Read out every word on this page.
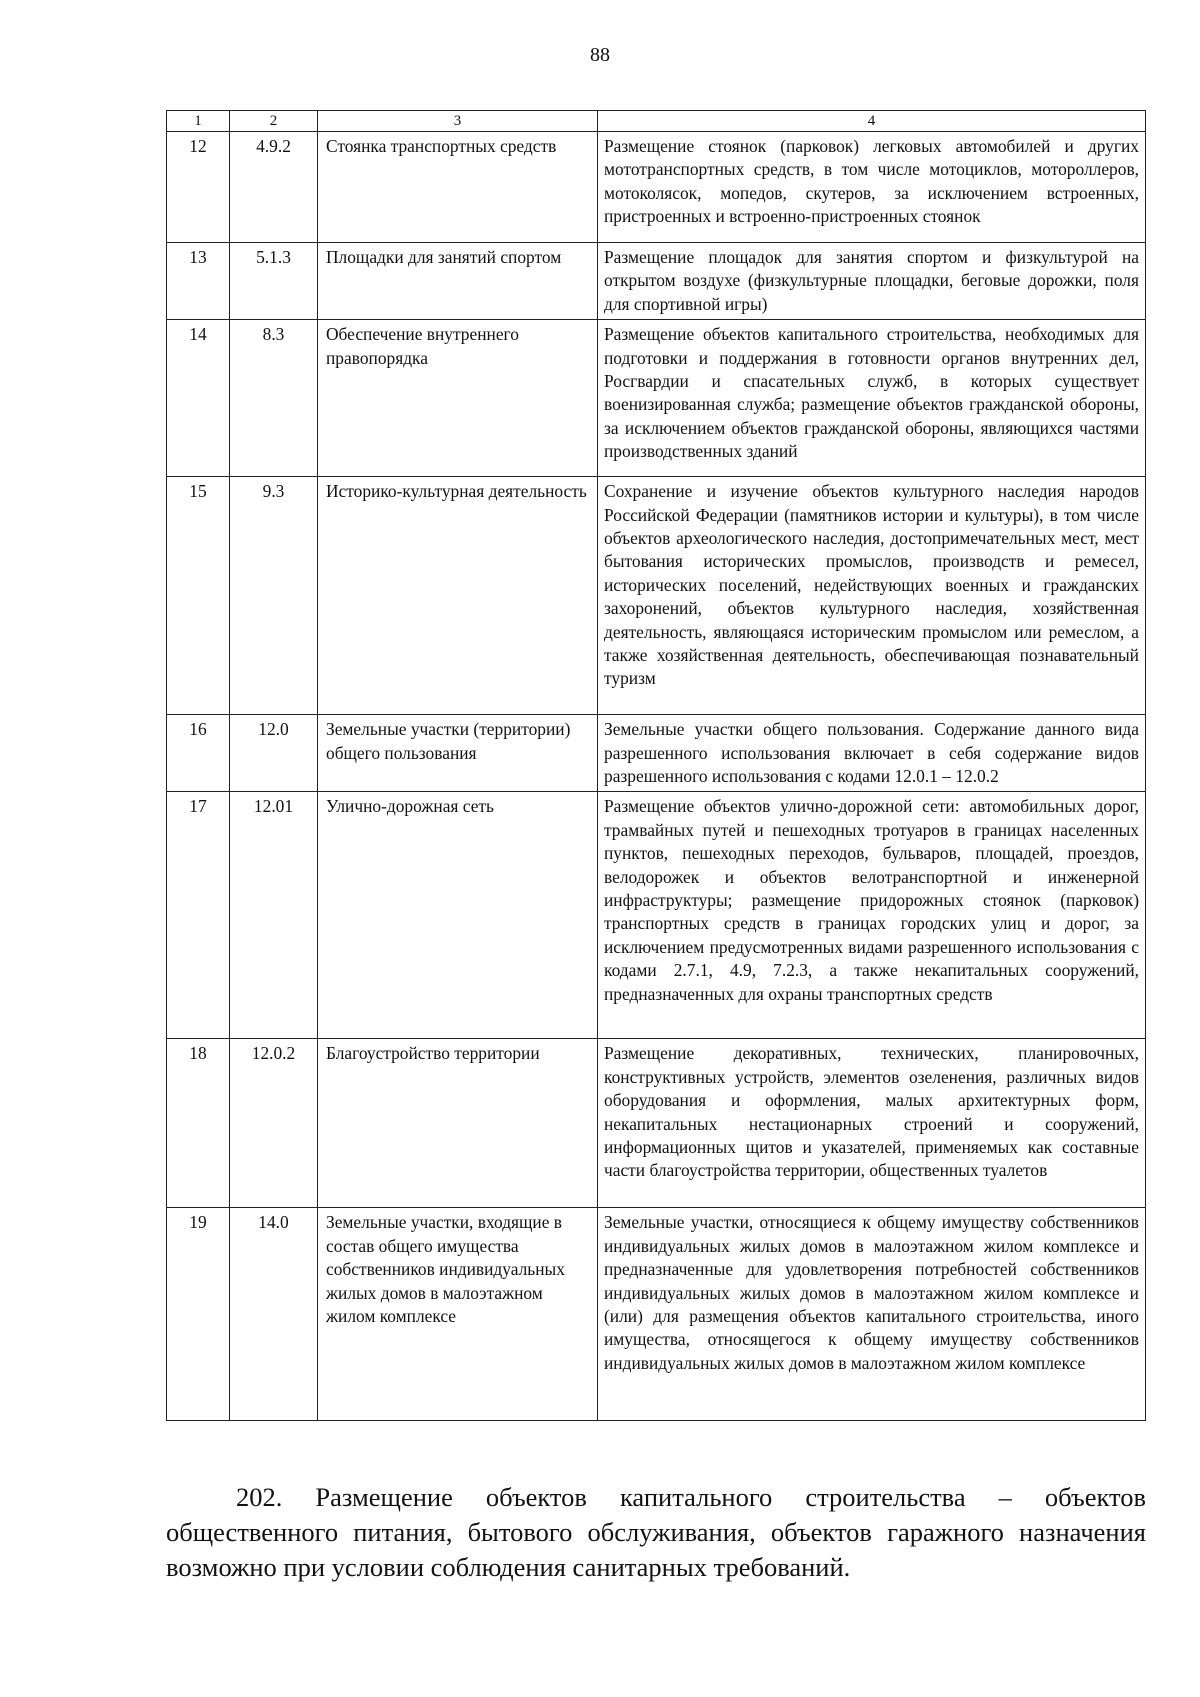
88
1	2	3	4
12	4.9.2	Стоянка транспортных средств	Размещение стоянок (парковок) легковых автомобилей и других мототранспортных средств, в том числе мотоциклов, мотороллеров, мотоколясок, мопедов, скутеров, за исключением встроенных, пристроенных и встроенно-пристроенных стоянок
13	5.1.3	Площадки для занятий спортом	Размещение площадок для занятия спортом и физкультурой на открытом воздухе (физкультурные площадки, беговые дорожки, поля для спортивной игры)
14	8.3	Обеспечение внутреннего правопорядка	Размещение объектов капитального строительства, необходимых для подготовки и поддержания в готовности органов внутренних дел, Росгвардии и спасательных служб, в которых существует военизированная служба; размещение объектов гражданской обороны, за исключением объектов гражданской обороны, являющихся частями производственных зданий
15	9.3	Историко-культурная деятельность	Сохранение и изучение объектов культурного наследия народов Российской Федерации (памятников истории и культуры), в том числе объектов археологического наследия, достопримечательных мест, мест бытования исторических промыслов, производств и ремесел, исторических поселений, недействующих военных и гражданских захоронений, объектов культурного наследия, хозяйственная деятельность, являющаяся историческим промыслом или ремеслом, а также хозяйственная деятельность, обеспечивающая познавательный туризм
16	12.0	Земельные участки (территории) общего пользования	Земельные участки общего пользования. Содержание данного вида разрешенного использования включает в себя содержание видов разрешенного использования с кодами 12.0.1 – 12.0.2
17	12.01	Улично-дорожная сеть	Размещение объектов улично-дорожной сети: автомобильных дорог, трамвайных путей и пешеходных тротуаров в границах населенных пунктов, пешеходных переходов, бульваров, площадей, проездов, велодорожек и объектов велотранспортной и инженерной инфраструктуры; размещение придорожных стоянок (парковок) транспортных средств в границах городских улиц и дорог, за исключением предусмотренных видами разрешенного использования с кодами 2.7.1, 4.9, 7.2.3, а также некапитальных сооружений, предназначенных для охраны транспортных средств
18	12.0.2	Благоустройство территории	Размещение декоративных, технических, планировочных, конструктивных устройств, элементов озеленения, различных видов оборудования и оформления, малых архитектурных форм, некапитальных нестационарных строений и сооружений, информационных щитов и указателей, применяемых как составные части благоустройства территории, общественных туалетов
19	14.0	Земельные участки, входящие в состав общего имущества собственников индивидуальных жилых домов в малоэтажном жилом комплексе	Земельные участки, относящиеся к общему имуществу собственников индивидуальных жилых домов в малоэтажном жилом комплексе и предназначенные для удовлетворения потребностей собственников индивидуальных жилых домов в малоэтажном жилом комплексе и (или) для размещения объектов капитального строительства, иного имущества, относящегося к общему имуществу собственников индивидуальных жилых домов в малоэтажном жилом комплексе

202. Размещение объектов капитального строительства – объектов общественного питания, бытового обслуживания, объектов гаражного назначения возможно при условии соблюдения санитарных требований.
